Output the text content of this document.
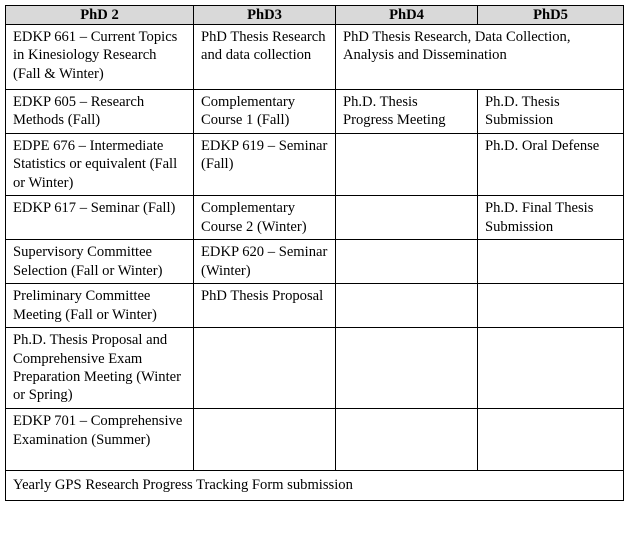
PhD 2	PhD3	PhD4	PhD5
EDKP 661 – Current Topics in Kinesiology Research (Fall & Winter)	PhD Thesis Research and data collection	PhD Thesis Research, Data Collection, Analysis and Dissemination	
EDKP 605 – Research Methods (Fall)	Complementary Course 1 (Fall)	Ph.D. Thesis Progress Meeting	Ph.D. Thesis Submission
EDPE 676 – Intermediate Statistics or equivalent (Fall or Winter)	EDKP 619 – Seminar (Fall)		Ph.D. Oral Defense
EDKP 617 – Seminar (Fall)	Complementary Course 2 (Winter)		Ph.D. Final Thesis Submission
Supervisory Committee Selection (Fall or Winter)	EDKP 620 – Seminar (Winter)		
Preliminary Committee Meeting (Fall or Winter)	PhD Thesis Proposal		
Ph.D. Thesis Proposal and Comprehensive Exam Preparation Meeting (Winter or Spring)			
EDKP 701 – Comprehensive Examination (Summer)			
Yearly GPS Research Progress Tracking Form submission			
